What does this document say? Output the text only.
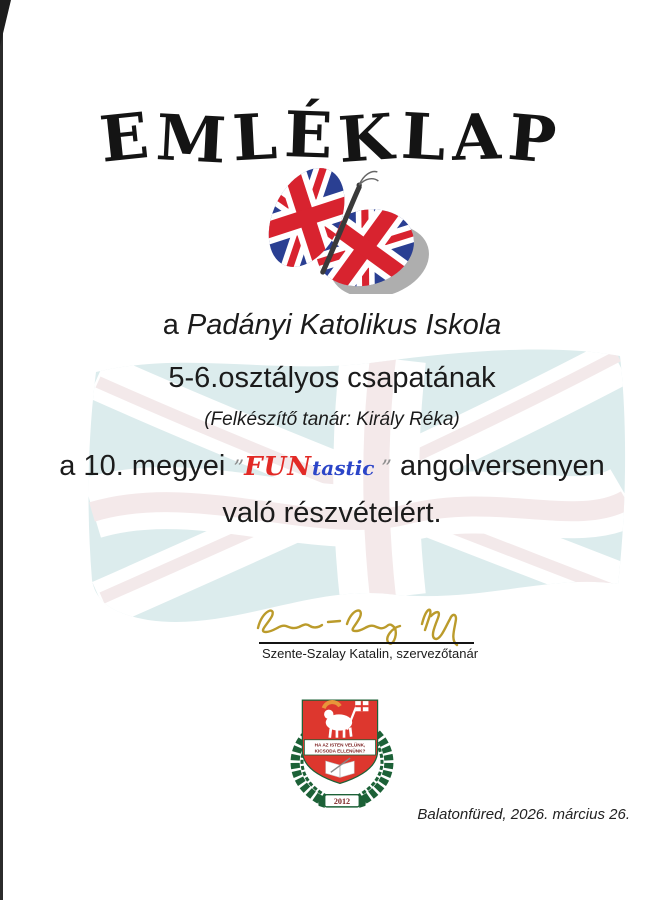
EMLÉKLAP
a Padányi Katolikus Iskola
5-6.osztályos csapatának
(Felkészítő tanár: Király Réka)
a 10. megyei ”FUNtastic ” angolversenyen
való részvételért.
Szente-Szalay Katalin, szervezőtanár
HA AZ ISTEN VELÜNK,
KICSODA ELLENÜNK?
2012
Balatonfüred, 2026. március 26.
